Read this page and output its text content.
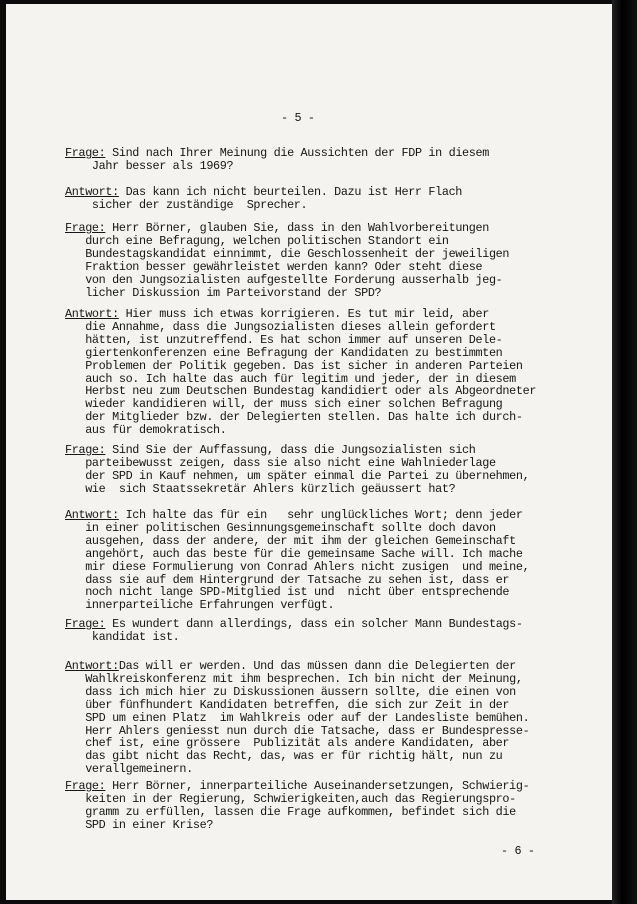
- 5 -
Frage: Sind nach Ihrer Meinung die Aussichten der FDP in diesem
Jahr besser als 1969?
Antwort: Das kann ich nicht beurteilen. Dazu ist Herr Flach
sicher der zuständige  Sprecher.
Frage: Herr Börner, glauben Sie, dass in den Wahlvorbereitungen
durch eine Befragung, welchen politischen Standort ein
Bundestagskandidat einnimmt, die Geschlossenheit der jeweiligen
Fraktion besser gewährleistet werden kann? Oder steht diese
von den Jungsozialisten aufgestellte Forderung ausserhalb jeg-
licher Diskussion im Parteivorstand der SPD?
Antwort: Hier muss ich etwas korrigieren. Es tut mir leid, aber
die Annahme, dass die Jungsozialisten dieses allein gefordert
hätten, ist unzutreffend. Es hat schon immer auf unseren Dele-
giertenkonferenzen eine Befragung der Kandidaten zu bestimmten
Problemen der Politik gegeben. Das ist sicher in anderen Parteien
auch so. Ich halte das auch für legitim und jeder, der in diesem
Herbst neu zum Deutschen Bundestag kandidiert oder als Abgeordneter
wieder kandidieren will, der muss sich einer solchen Befragung
der Mitglieder bzw. der Delegierten stellen. Das halte ich durch-
aus für demokratisch.
Frage: Sind Sie der Auffassung, dass die Jungsozialisten sich
parteibewusst zeigen, dass sie also nicht eine Wahlniederlage
der SPD in Kauf nehmen, um später einmal die Partei zu übernehmen,
wie  sich Staatssekretär Ahlers kürzlich geäussert hat?
Antwort: Ich halte das für ein   sehr unglückliches Wort; denn jeder
in einer politischen Gesinnungsgemeinschaft sollte doch davon
ausgehen, dass der andere, der mit ihm der gleichen Gemeinschaft
angehört, auch das beste für die gemeinsame Sache will. Ich mache
mir diese Formulierung von Conrad Ahlers nicht zusigen  und meine,
dass sie auf dem Hintergrund der Tatsache zu sehen ist, dass er
noch nicht lange SPD-Mitglied ist und  nicht über entsprechende
innerparteiliche Erfahrungen verfügt.
Frage: Es wundert dann allerdings, dass ein solcher Mann Bundestags-
kandidat ist.
Antwort:Das will er werden. Und das müssen dann die Delegierten der
Wahlkreiskonferenz mit ihm besprechen. Ich bin nicht der Meinung,
dass ich mich hier zu Diskussionen äussern sollte, die einen von
über fünfhundert Kandidaten betreffen, die sich zur Zeit in der
SPD um einen Platz  im Wahlkreis oder auf der Landesliste bemühen.
Herr Ahlers geniesst nun durch die Tatsache, dass er Bundespresse-
chef ist, eine grössere  Publizität als andere Kandidaten, aber
das gibt nicht das Recht, das, was er für richtig hält, nun zu
verallgemeinern.
Frage: Herr Börner, innerparteiliche Auseinandersetzungen, Schwierig-
keiten in der Regierung, Schwierigkeiten,auch das Regierungspro-
gramm zu erfüllen, lassen die Frage aufkommen, befindet sich die
SPD in einer Krise?
- 6 -
